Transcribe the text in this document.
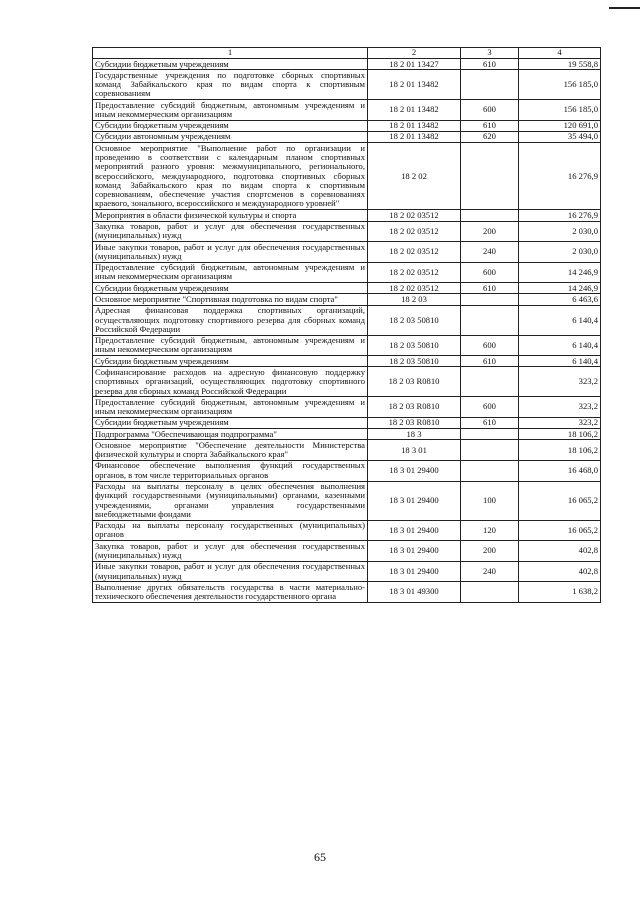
1	2	3	4
Субсидии бюджетным учреждениям	18 2 01 13427	610	19 558,8
Государственные учреждения по подготовке сборных спортивных команд Забайкальского края по видам спорта к спортивным соревнованиям	18 2 01 13482		156 185,0
Предоставление субсидий бюджетным, автономным учреждениям и иным некоммерческим организациям	18 2 01 13482	600	156 185,0
Субсидии бюджетным учреждениям	18 2 01 13482	610	120 691,0
Субсидии автономным учреждениям	18 2 01 13482	620	35 494,0
Основное мероприятие "Выполнение работ по организации и проведению в соответствии с календарным планом спортивных мероприятий разного уровня: межмуниципального, регионального, всероссийского, международного, подготовка спортивных сборных команд Забайкальского края по видам спорта к спортивным соревнованиям, обеспечение участия спортсменов в соревнованиях краевого, зонального, всероссийского и международного уровней"	18 2 02		16 276,9
Мероприятия в области физической культуры и спорта	18 2 02 03512		16 276,9
Закупка товаров, работ и услуг для обеспечения государственных (муниципальных) нужд	18 2 02 03512	200	2 030,0
Иные закупки товаров, работ и услуг для обеспечения государственных (муниципальных) нужд	18 2 02 03512	240	2 030,0
Предоставление субсидий бюджетным, автономным учреждениям и иным некоммерческим организациям	18 2 02 03512	600	14 246,9
Субсидии бюджетным учреждениям	18 2 02 03512	610	14 246,9
Основное мероприятие "Спортивная подготовка по видам спорта"	18 2 03		6 463,6
Адресная финансовая поддержка спортивных организаций, осуществляющих подготовку спортивного резерва для сборных команд Российской Федерации	18 2 03 50810		6 140,4
Предоставление субсидий бюджетным, автономным учреждениям и иным некоммерческим организациям	18 2 03 50810	600	6 140,4
Субсидии бюджетным учреждениям	18 2 03 50810	610	6 140,4
Софинансирование расходов на адресную финансовую поддержку спортивных организаций, осуществляющих подготовку спортивного резерва для сборных команд Российской Федерации	18 2 03 R0810		323,2
Предоставление субсидий бюджетным, автономным учреждениям и иным некоммерческим организациям	18 2 03 R0810	600	323,2
Субсидии бюджетным учреждениям	18 2 03 R0810	610	323,2
Подпрограмма "Обеспечивающая подпрограмма"	18 3		18 106,2
Основное мероприятие "Обеспечение деятельности Министерства физической культуры и спорта Забайкальского края"	18 3 01		18 106,2
Финансовое обеспечение выполнения функций государственных органов, в том числе территориальных органов	18 3 01 29400		16 468,0
Расходы на выплаты персоналу в целях обеспечения выполнения функций государственными (муниципальными) органами, казенными учреждениями, органами управления государственными внебюджетными фондами	18 3 01 29400	100	16 065,2
Расходы на выплаты персоналу государственных (муниципальных) органов	18 3 01 29400	120	16 065,2
Закупка товаров, работ и услуг для обеспечения государственных (муниципальных) нужд	18 3 01 29400	200	402,8
Иные закупки товаров, работ и услуг для обеспечения государственных (муниципальных) нужд	18 3 01 29400	240	402,8
Выполнение других обязательств государства в части материально-технического обеспечения деятельности государственного органа	18 3 01 49300		1 638,2
65
